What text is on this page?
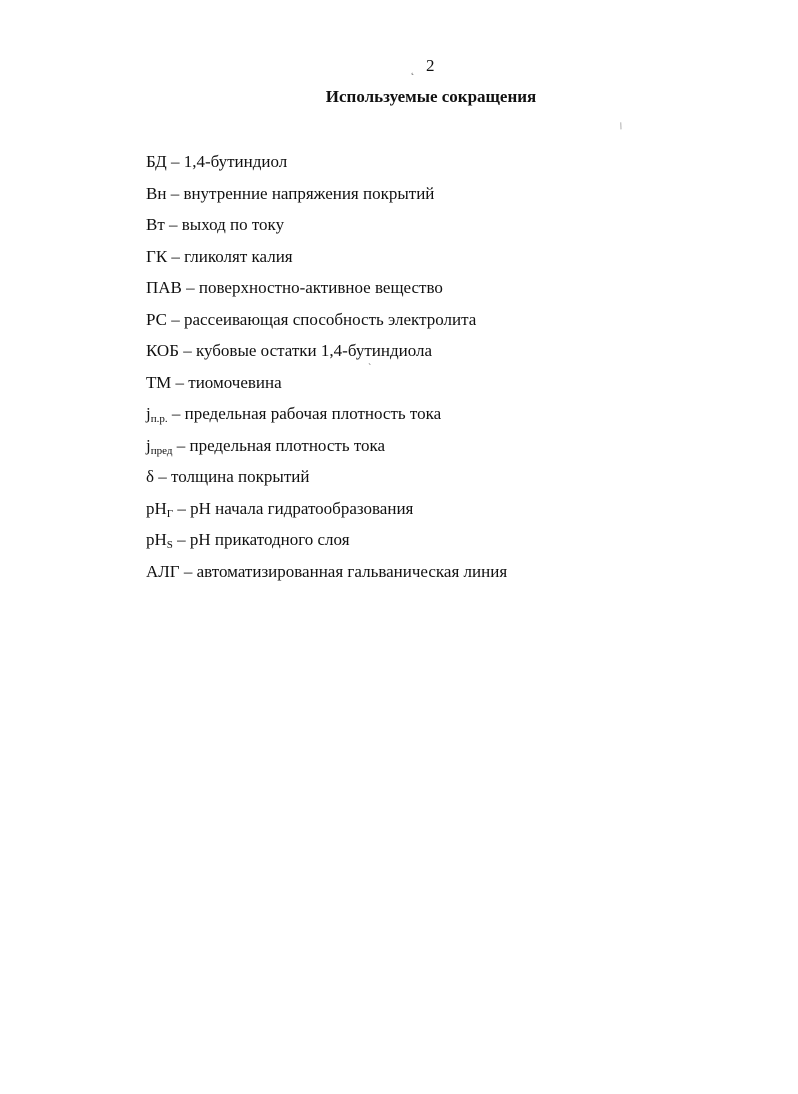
˛ 2
Используемые сокращения
/
`
БД – 1,4-бутиндиол
Вн – внутренние напряжения покрытий
Вт – выход по току
ГК – гликолят калия
ПАВ – поверхностно-активное вещество
РС – рассеивающая способность электролита
КОБ – кубовые остатки 1,4-бутиндиола
ТМ – тиомочевина
$j_{п.р.}$ – предельная рабочая плотность тока
$j_{пред}$ – предельная плотность тока
δ – толщина покрытий
$pH_Г$ – pH начала гидратообразования
$pH_S$ – pH прикатодного слоя
АЛГ – автоматизированная гальваническая линия
